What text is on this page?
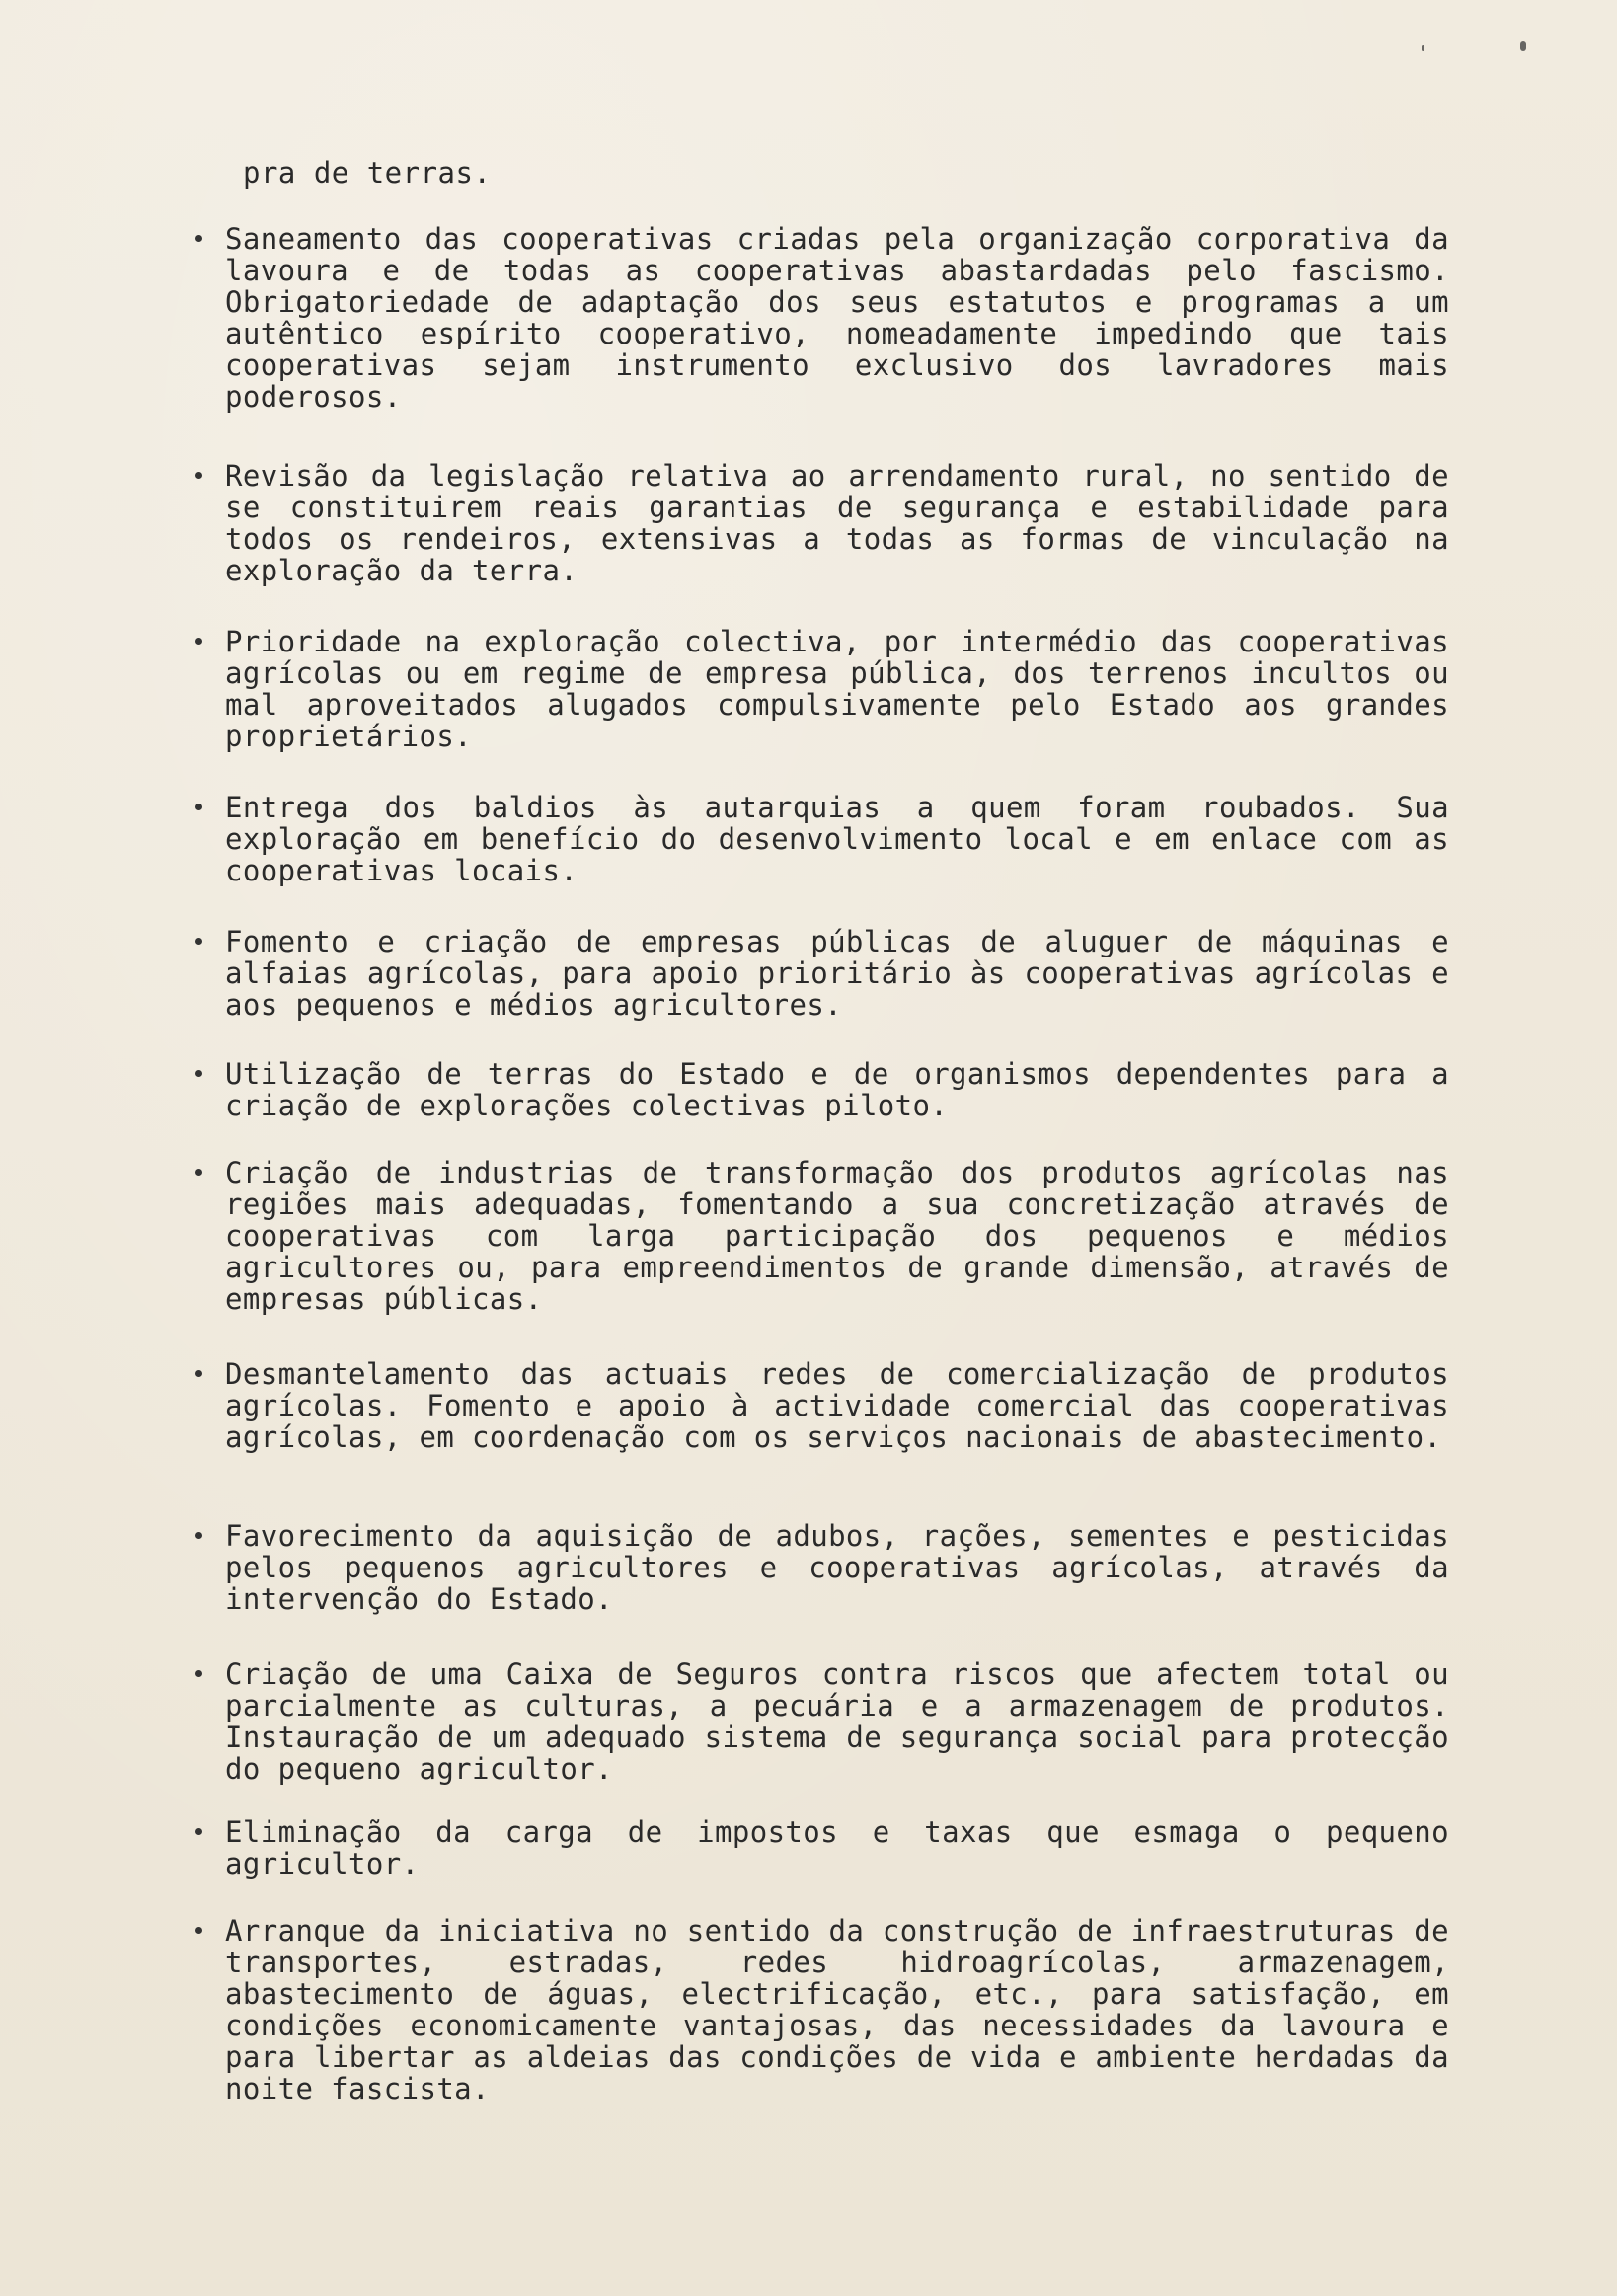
pra de terras.
Saneamento das cooperativas criadas pela organização corporativa da lavoura e de todas as cooperativas abastardadas pelo fascismo. Obrigatoriedade de adaptação dos seus estatutos e programas a um autêntico espírito cooperativo, nomeadamente impedindo que tais cooperativas sejam instrumento exclusivo dos lavradores mais poderosos.
Revisão da legislação relativa ao arrendamento rural, no sentido de se constituirem reais garantias de segurança e estabilidade para todos os rendeiros, extensivas a todas as formas de vinculação na exploração da terra.
Prioridade na exploração colectiva, por intermédio das cooperativas agrícolas ou em regime de empresa pública, dos terrenos incultos ou mal aproveitados alugados compulsivamente pelo Estado aos grandes proprietários.
Entrega dos baldios às autarquias a quem foram roubados. Sua exploração em benefício do desenvolvimento local e em enlace com as cooperativas locais.
Fomento e criação de empresas públicas de aluguer de máquinas e alfaias agrícolas, para apoio prioritário às cooperativas agrícolas e aos pequenos e médios agricultores.
Utilização de terras do Estado e de organismos dependentes para a criação de explorações colectivas piloto.
Criação de industrias de transformação dos produtos agrícolas nas regiões mais adequadas, fomentando a sua concretização através de cooperativas com larga participação dos pequenos e médios agricultores ou, para empreendimentos de grande dimensão, através de empresas públicas.
Desmantelamento das actuais redes de comercialização de produtos agrícolas. Fomento e apoio à actividade comercial das cooperativas agrícolas, em coordenação com os serviços nacionais de abastecimento.
Favorecimento da aquisição de adubos, rações, sementes e pesticidas pelos pequenos agricultores e cooperativas agrícolas, através da intervenção do Estado.
Criação de uma Caixa de Seguros contra riscos que afectem total ou parcialmente as culturas, a pecuária e a armazenagem de produtos. Instauração de um adequado sistema de segurança social para protecção do pequeno agricultor.
Eliminação da carga de impostos e taxas que esmaga o pequeno agricultor.
Arranque da iniciativa no sentido da construção de infraestruturas de transportes, estradas, redes hidroagrícolas, armazenagem, abastecimento de águas, electrificação, etc., para satisfação, em condições economicamente vantajosas, das necessidades da lavoura e para libertar as aldeias das condições de vida e ambiente herdadas da noite fascista.
